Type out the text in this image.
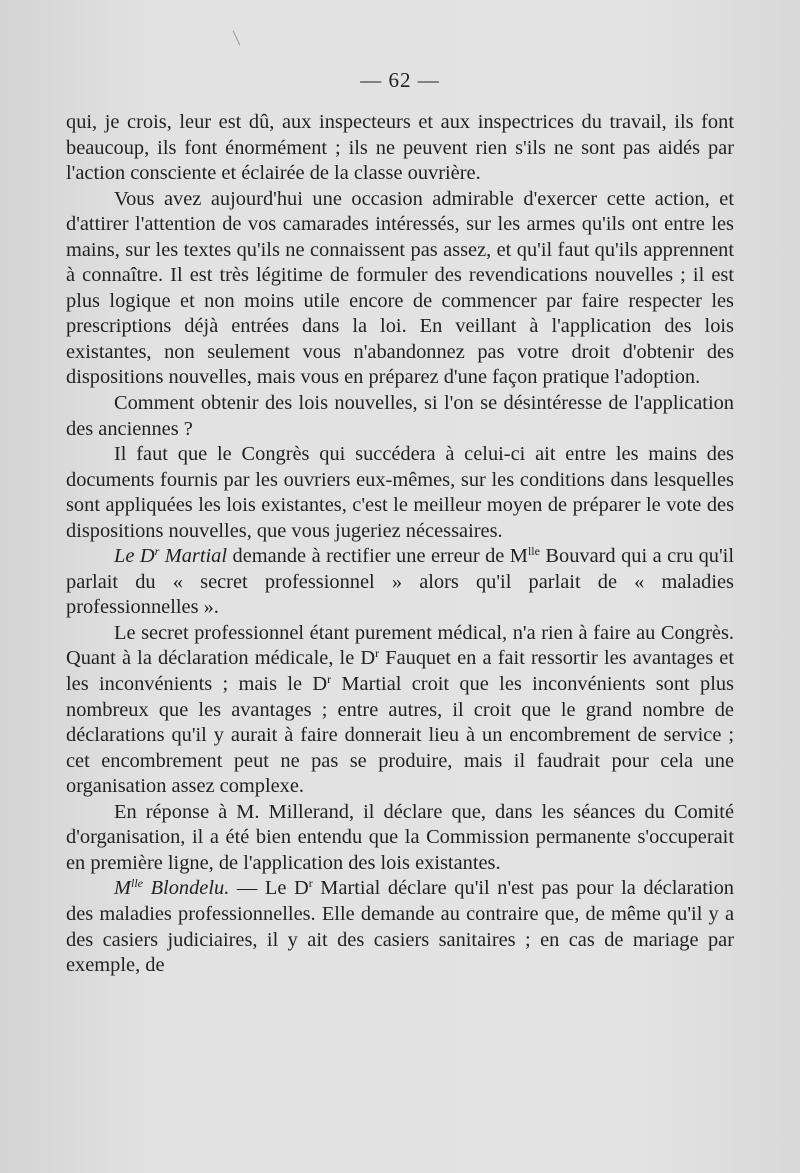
— 62 —

qui, je crois, leur est dû, aux inspecteurs et aux inspectrices du travail, ils font beaucoup, ils font énormément ; ils ne peuvent rien s'ils ne sont pas aidés par l'action consciente et éclairée de la classe ouvrière.

Vous avez aujourd'hui une occasion admirable d'exercer cette action, et d'attirer l'attention de vos camarades intéressés, sur les armes qu'ils ont entre les mains, sur les textes qu'ils ne connaissent pas assez, et qu'il faut qu'ils apprennent à connaître. Il est très légitime de formuler des revendications nouvelles ; il est plus logique et non moins utile encore de commencer par faire respecter les prescriptions déjà entrées dans la loi. En veillant à l'application des lois existantes, non seulement vous n'abandonnez pas votre droit d'obtenir des dispositions nouvelles, mais vous en préparez d'une façon pratique l'adoption.

Comment obtenir des lois nouvelles, si l'on se désintéresse de l'application des anciennes ?

Il faut que le Congrès qui succédera à celui-ci ait entre les mains des documents fournis par les ouvriers eux-mêmes, sur les conditions dans lesquelles sont appliquées les lois existantes, c'est le meilleur moyen de préparer le vote des dispositions nouvelles, que vous jugeriez nécessaires.

Le $D^r$ Martial demande à rectifier une erreur de $M^{lle}$ Bouvard qui a cru qu'il parlait du « secret professionnel » alors qu'il parlait de « maladies professionnelles ».

Le secret professionnel étant purement médical, n'a rien à faire au Congrès. Quant à la déclaration médicale, le $D^r$ Fauquet en a fait ressortir les avantages et les inconvénients ; mais le $D^r$ Martial croit que les inconvénients sont plus nombreux que les avantages ; entre autres, il croit que le grand nombre de déclarations qu'il y aurait à faire donnerait lieu à un encombrement de service ; cet encombrement peut ne pas se produire, mais il faudrait pour cela une organisation assez complexe.

En réponse à M. Millerand, il déclare que, dans les séances du Comité d'organisation, il a été bien entendu que la Commission permanente s'occuperait en première ligne, de l'application des lois existantes.

$M^{lle}$ Blondelu. — Le $D^r$ Martial déclare qu'il n'est pas pour la déclaration des maladies professionnelles. Elle demande au contraire que, de même qu'il y a des casiers judiciaires, il y ait des casiers sanitaires ; en cas de mariage par exemple, de
